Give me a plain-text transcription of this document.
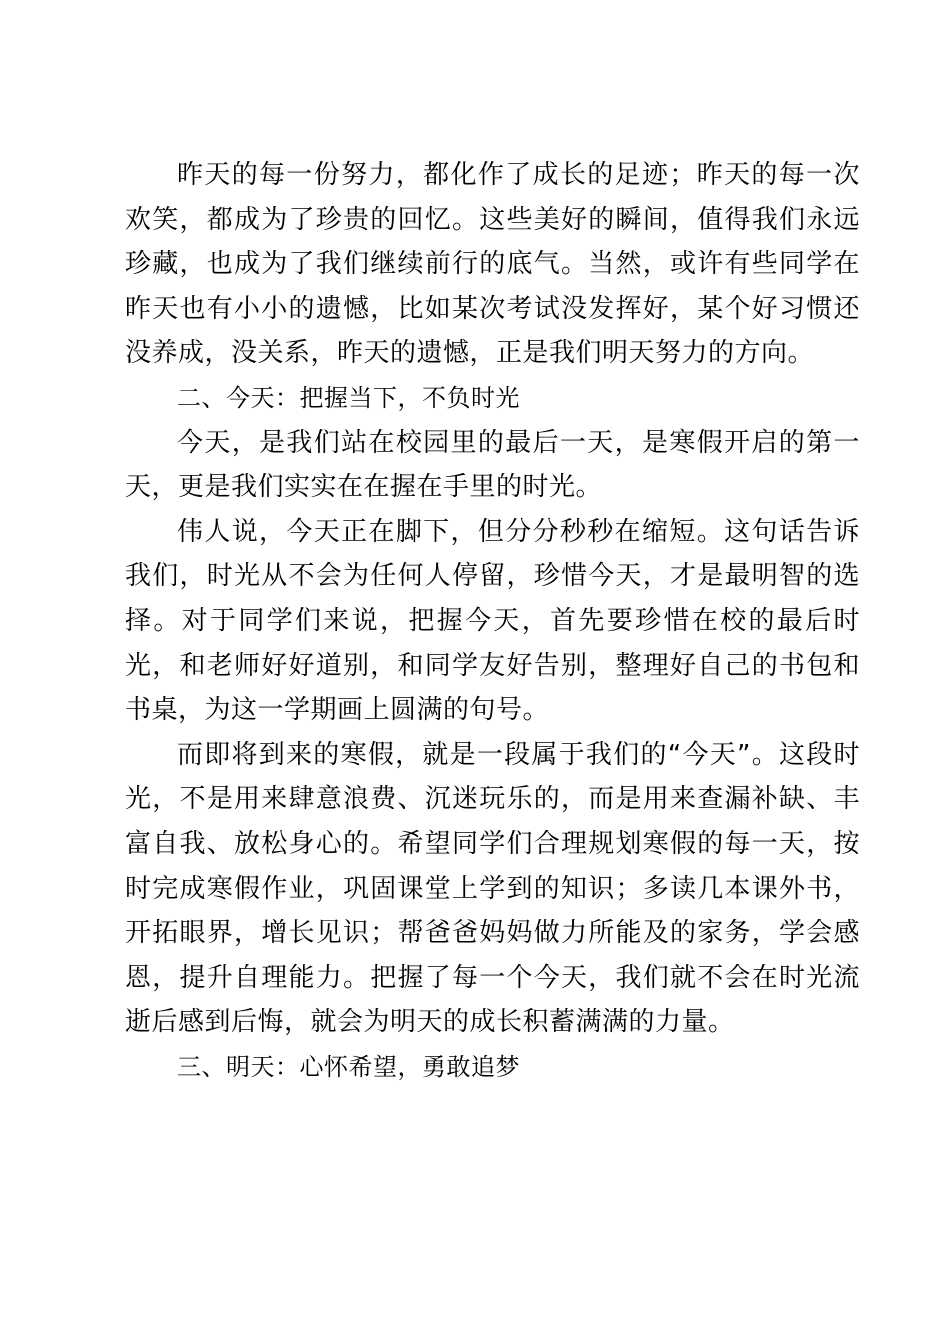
昨天的每一份努力，都化作了成长的足迹；昨天的每一次欢笑，都成为了珍贵的回忆。这些美好的瞬间，值得我们永远珍藏，也成为了我们继续前行的底气。当然，或许有些同学在昨天也有小小的遗憾，比如某次考试没发挥好，某个好习惯还没养成，没关系，昨天的遗憾，正是我们明天努力的方向。

二、今天：把握当下，不负时光

今天，是我们站在校园里的最后一天，是寒假开启的第一天，更是我们实实在在握在手里的时光。

伟人说，今天正在脚下，但分分秒秒在缩短。这句话告诉我们，时光从不会为任何人停留，珍惜今天，才是最明智的选择。对于同学们来说，把握今天，首先要珍惜在校的最后时光，和老师好好道别，和同学友好告别，整理好自己的书包和书桌，为这一学期画上圆满的句号。

而即将到来的寒假，就是一段属于我们的“今天”。这段时光，不是用来肆意浪费、沉迷玩乐的，而是用来查漏补缺、丰富自我、放松身心的。希望同学们合理规划寒假的每一天，按时完成寒假作业，巩固课堂上学到的知识；多读几本课外书，开拓眼界，增长见识；帮爸爸妈妈做力所能及的家务，学会感恩，提升自理能力。把握了每一个今天，我们就不会在时光流逝后感到后悔，就会为明天的成长积蓄满满的力量。

三、明天：心怀希望，勇敢追梦
